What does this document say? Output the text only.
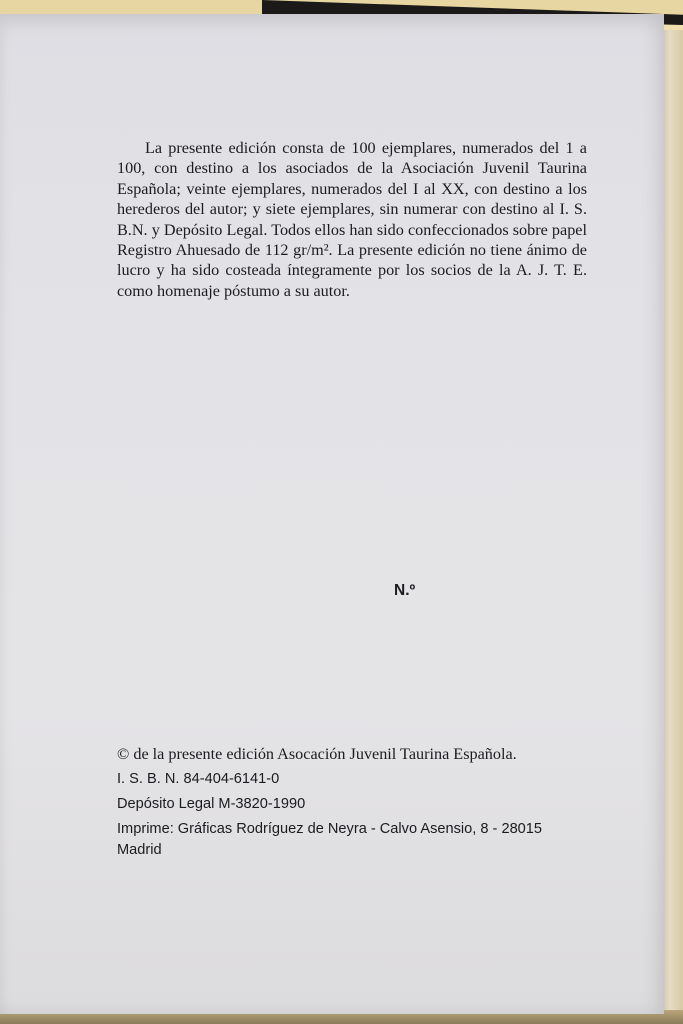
La presente edición consta de 100 ejemplares, numerados del 1 a 100, con destino a los asociados de la Asociación Juvenil Taurina Española; veinte ejemplares, numerados del I al XX, con destino a los herederos del autor; y siete ejemplares, sin numerar con destino al I. S. B.N. y Depósito Legal. Todos ellos han sido confeccionados sobre papel Registro Ahuesado de 112 gr/m². La presente edición no tiene ánimo de lucro y ha sido costeada íntegramente por los socios de la A. J. T. E. como homenaje póstumo a su autor.

N.º
© de la presente edición Asocación Juvenil Taurina Española.
I. S. B. N. 84-404-6141-0
Depósito Legal M-3820-1990
Imprime: Gráficas Rodríguez de Neyra - Calvo Asensio, 8 - 28015 Madrid
